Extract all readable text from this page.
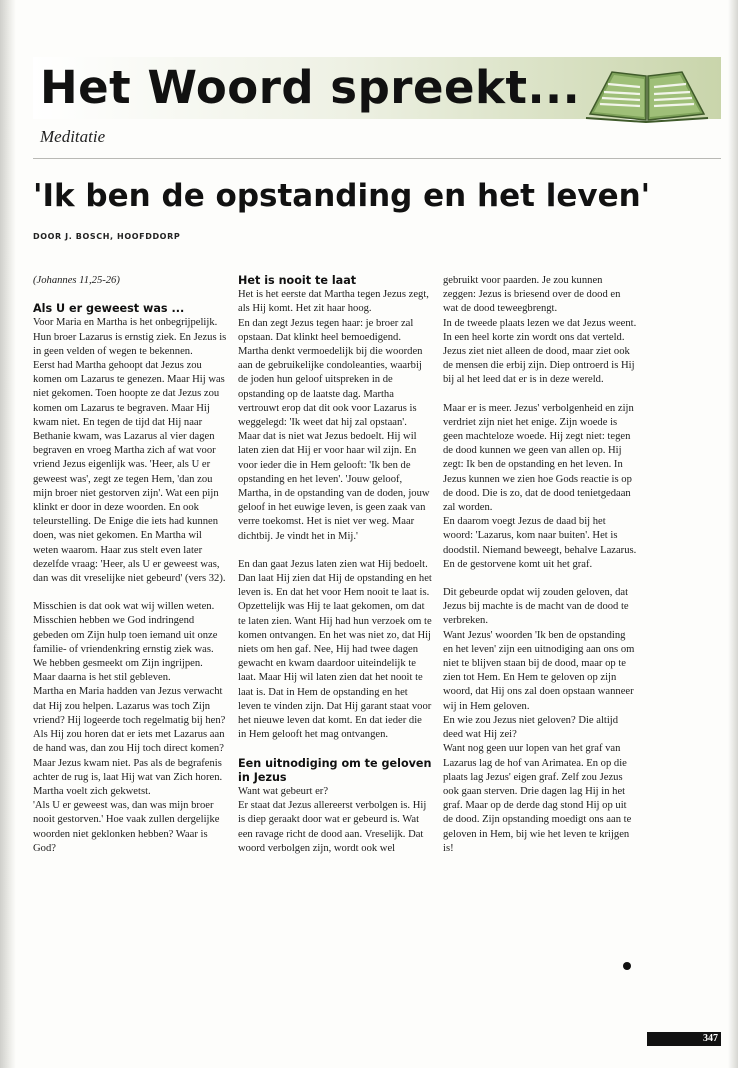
Het Woord spreekt...
Meditatie
'Ik ben de opstanding en het leven'
DOOR J. BOSCH, HOOFDDORP

(Johannes 11,25-26)

Als U er geweest was ...

Voor Maria en Martha is het onbegrijpelijk.

Hun broer Lazarus is ernstig ziek. En Jezus is in geen velden of wegen te bekennen.

Eerst had Martha gehoopt dat Jezus zou komen om Lazarus te genezen. Maar Hij was niet gekomen. Toen hoopte ze dat Jezus zou komen om Lazarus te begraven. Maar Hij kwam niet. En tegen de tijd dat Hij naar Bethanie kwam, was Lazarus al vier dagen begraven en vroeg Martha zich af wat voor vriend Jezus eigenlijk was. 'Heer, als U er geweest was', zegt ze tegen Hem, 'dan zou mijn broer niet gestorven zijn'. Wat een pijn klinkt er door in deze woorden. En ook teleurstelling. De Enige die iets had kunnen doen, was niet gekomen. En Martha wil weten waarom. Haar zus stelt even later dezelfde vraag: 'Heer, als U er geweest was, dan was dit vreselijke niet gebeurd' (vers 32).

Misschien is dat ook wat wij willen weten. Misschien hebben we God indringend gebeden om Zijn hulp toen iemand uit onze familie- of vriendenkring ernstig ziek was. We hebben gesmeekt om Zijn ingrijpen. Maar daarna is het stil gebleven.

Martha en Maria hadden van Jezus verwacht dat Hij zou helpen. Lazarus was toch Zijn vriend? Hij logeerde toch regelmatig bij hen? Als Hij zou horen dat er iets met Lazarus aan de hand was, dan zou Hij toch direct komen?

Maar Jezus kwam niet. Pas als de begrafenis achter de rug is, laat Hij wat van Zich horen. Martha voelt zich gekwetst.

'Als U er geweest was, dan was mijn broer nooit gestorven.' Hoe vaak zullen dergelijke woorden niet geklonken hebben? Waar is God?

Het is nooit te laat

Het is het eerste dat Martha tegen Jezus zegt, als Hij komt. Het zit haar hoog.

En dan zegt Jezus tegen haar: je broer zal opstaan. Dat klinkt heel bemoedigend. Martha denkt vermoedelijk bij die woorden aan de gebruikelijke condoleanties, waarbij de joden hun geloof uitspreken in de opstanding op de laatste dag. Martha vertrouwt erop dat dit ook voor Lazarus is weggelegd: 'Ik weet dat hij zal opstaan'.

Maar dat is niet wat Jezus bedoelt. Hij wil laten zien dat Hij er voor haar wil zijn. En voor ieder die in Hem gelooft: 'Ik ben de opstanding en het leven'. 'Jouw geloof, Martha, in de opstanding van de doden, jouw geloof in het euwige leven, is geen zaak van verre toekomst. Het is niet ver weg. Maar dichtbij. Je vindt het in Mij.'

En dan gaat Jezus laten zien wat Hij bedoelt. Dan laat Hij zien dat Hij de opstanding en het leven is. En dat het voor Hem nooit te laat is.

Opzettelijk was Hij te laat gekomen, om dat te laten zien. Want Hij had hun verzoek om te komen ontvangen. En het was niet zo, dat Hij niets om hen gaf. Nee, Hij had twee dagen gewacht en kwam daardoor uiteindelijk te laat. Maar Hij wil laten zien dat het nooit te laat is. Dat in Hem de opstanding en het leven te vinden zijn. Dat Hij garant staat voor het nieuwe leven dat komt. En dat ieder die in Hem gelooft het mag ontvangen.

Een uitnodiging om te geloven in Jezus

Want wat gebeurt er?

Er staat dat Jezus allereerst verbolgen is. Hij is diep geraakt door wat er gebeurd is. Wat een ravage richt de dood aan. Vreselijk. Dat woord verbolgen zijn, wordt ook wel

gebruikt voor paarden. Je zou kunnen zeggen: Jezus is briesend over de dood en wat de dood teweegbrengt.

In de tweede plaats lezen we dat Jezus weent. In een heel korte zin wordt ons dat verteld. Jezus ziet niet alleen de dood, maar ziet ook de mensen die erbij zijn. Diep ontroerd is Hij bij al het leed dat er is in deze wereld.

Maar er is meer. Jezus' verbolgenheid en zijn verdriet zijn niet het enige. Zijn woede is geen machteloze woede. Hij zegt niet: tegen de dood kunnen we geen van allen op. Hij zegt: Ik ben de opstanding en het leven. In Jezus kunnen we zien hoe Gods reactie is op de dood. Die is zo, dat de dood tenietgedaan zal worden.

En daarom voegt Jezus de daad bij het woord: 'Lazarus, kom naar buiten'. Het is doodstil. Niemand beweegt, behalve Lazarus. En de gestorvene komt uit het graf.

Dit gebeurde opdat wij zouden geloven, dat Jezus bij machte is de macht van de dood te verbreken.

Want Jezus' woorden 'Ik ben de opstanding en het leven' zijn een uitnodiging aan ons om niet te blijven staan bij de dood, maar op te zien tot Hem. En Hem te geloven op zijn woord, dat Hij ons zal doen opstaan wanneer wij in Hem geloven.

En wie zou Jezus niet geloven? Die altijd deed wat Hij zei?

Want nog geen uur lopen van het graf van Lazarus lag de hof van Arimatea. En op die plaats lag Jezus' eigen graf. Zelf zou Jezus ook gaan sterven. Drie dagen lag Hij in het graf. Maar op de derde dag stond Hij op uit de dood. Zijn opstanding moedigt ons aan te geloven in Hem, bij wie het leven te krijgen is!

347
